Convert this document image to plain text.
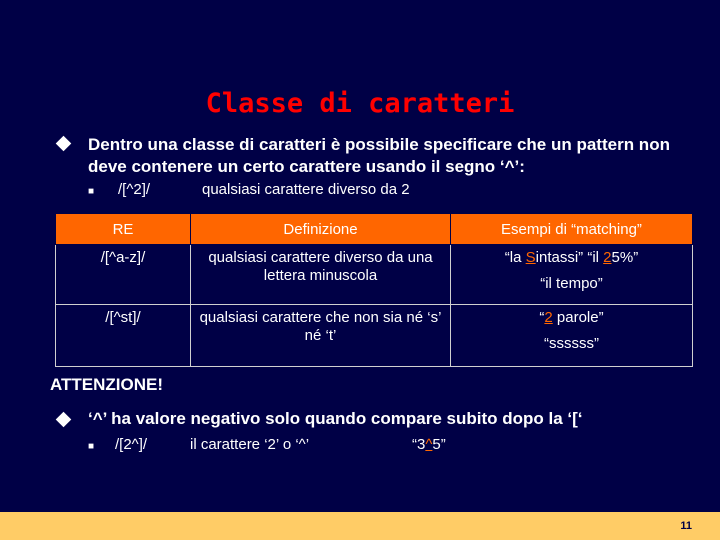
Classe di caratteri
Dentro una classe di caratteri è possibile specificare che un pattern non deve contenere un certo carattere usando il segno ‘^’:
■ /[^2]/	qualsiasi carattere diverso da 2
RE	Definizione	Esempi di “matching”
/[^a-z]/	qualsiasi carattere diverso da una lettera minuscola	“la Sintassi” “il 25%”
“il tempo”

/[^st]/	qualsiasi carattere che non sia né ‘s’ né ‘t’	“2 parole”
“ssssss”
ATTENZIONE!
‘^’ ha valore negativo solo quando compare subito dopo la ‘[‘
■ /[2^]/	il carattere ‘2’ o ‘^’	“3^5”
11
